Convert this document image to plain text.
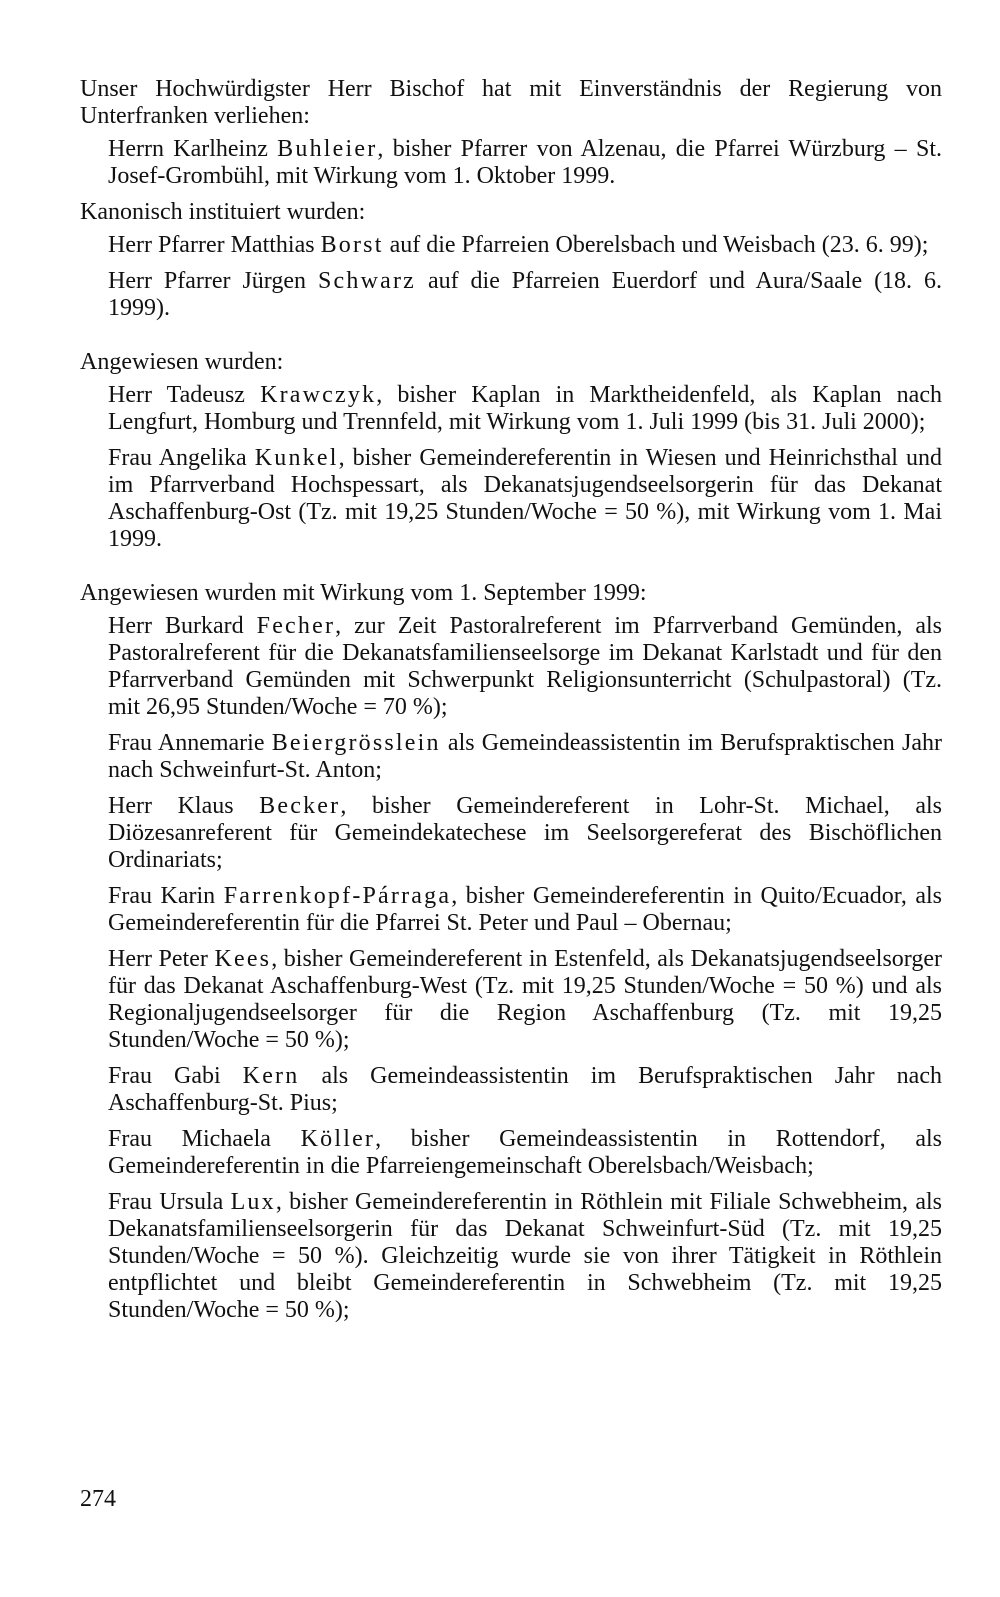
Unser Hochwürdigster Herr Bischof hat mit Einverständnis der Regierung von Unterfranken verliehen:

Herrn Karlheinz Buhleier, bisher Pfarrer von Alzenau, die Pfarrei Würzburg – St. Josef-Grombühl, mit Wirkung vom 1. Oktober 1999.

Kanonisch instituiert wurden:

Herr Pfarrer Matthias Borst auf die Pfarreien Oberelsbach und Weisbach (23. 6. 99);

Herr Pfarrer Jürgen Schwarz auf die Pfarreien Euerdorf und Aura/Saale (18. 6. 1999).

Angewiesen wurden:

Herr Tadeusz Krawczyk, bisher Kaplan in Marktheidenfeld, als Kaplan nach Lengfurt, Homburg und Trennfeld, mit Wirkung vom 1. Juli 1999 (bis 31. Juli 2000);

Frau Angelika Kunkel, bisher Gemeindereferentin in Wiesen und Heinrichsthal und im Pfarrverband Hochspessart, als Dekanatsjugendseelsorgerin für das Dekanat Aschaffenburg-Ost (Tz. mit 19,25 Stunden/Woche = 50 %), mit Wirkung vom 1. Mai 1999.

Angewiesen wurden mit Wirkung vom 1. September 1999:

Herr Burkard Fecher, zur Zeit Pastoralreferent im Pfarrverband Gemünden, als Pastoralreferent für die Dekanatsfamilienseelsorge im Dekanat Karlstadt und für den Pfarrverband Gemünden mit Schwerpunkt Religionsunterricht (Schulpastoral) (Tz. mit 26,95 Stunden/Woche = 70 %);

Frau Annemarie Beiergrösslein als Gemeindeassistentin im Berufspraktischen Jahr nach Schweinfurt-St. Anton;

Herr Klaus Becker, bisher Gemeindereferent in Lohr-St. Michael, als Diözesanreferent für Gemeindekatechese im Seelsorgereferat des Bischöflichen Ordinariats;

Frau Karin Farrenkopf-Párraga, bisher Gemeindereferentin in Quito/Ecuador, als Gemeindereferentin für die Pfarrei St. Peter und Paul – Obernau;

Herr Peter Kees, bisher Gemeindereferent in Estenfeld, als Dekanatsjugendseelsorger für das Dekanat Aschaffenburg-West (Tz. mit 19,25 Stunden/Woche = 50 %) und als Regionaljugendseelsorger für die Region Aschaffenburg (Tz. mit 19,25 Stunden/Woche = 50 %);

Frau Gabi Kern als Gemeindeassistentin im Berufspraktischen Jahr nach Aschaffenburg-St. Pius;

Frau Michaela Köller, bisher Gemeindeassistentin in Rottendorf, als Gemeindereferentin in die Pfarreiengemeinschaft Oberelsbach/Weisbach;

Frau Ursula Lux, bisher Gemeindereferentin in Röthlein mit Filiale Schwebheim, als Dekanatsfamilienseelsorgerin für das Dekanat Schweinfurt-Süd (Tz. mit 19,25 Stunden/Woche = 50 %). Gleichzeitig wurde sie von ihrer Tätigkeit in Röthlein entpflichtet und bleibt Gemeindereferentin in Schwebheim (Tz. mit 19,25 Stunden/Woche = 50 %);

274
